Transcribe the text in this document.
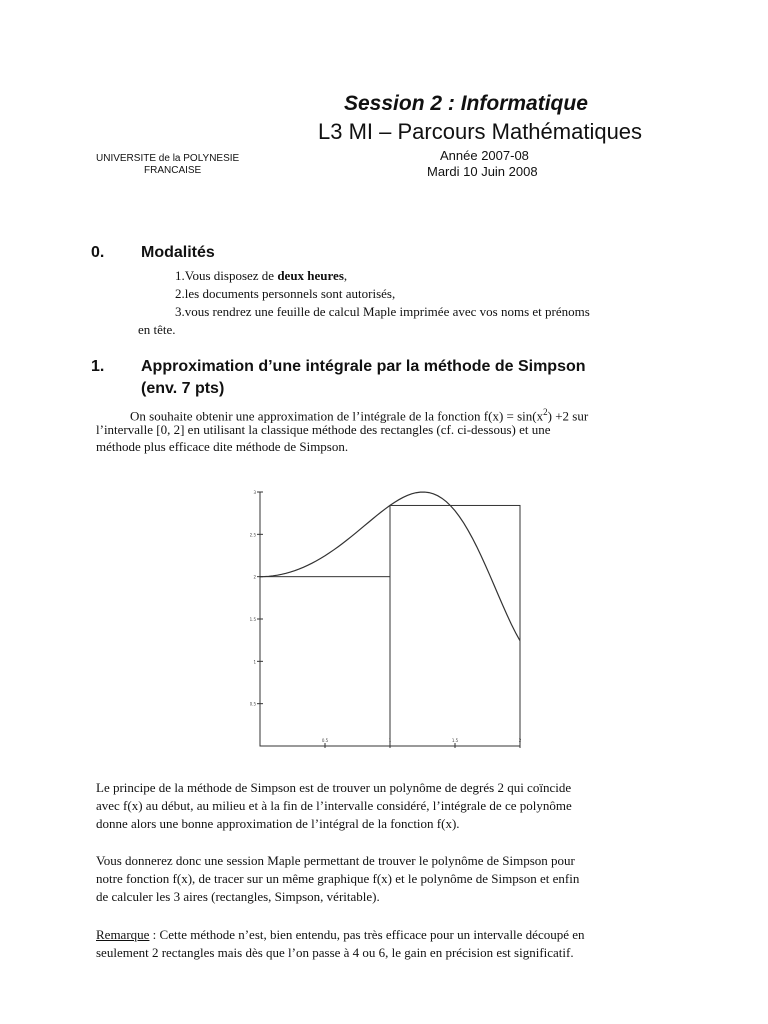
Session 2 : Informatique
L3 MI – Parcours Mathématiques
Année 2007-08
Mardi 10 Juin 2008
UNIVERSITE de la POLYNESIE
FRANCAISE
0. Modalités
1.Vous disposez de deux heures,
2.les documents personnels sont autorisés,
3.vous rendrez une feuille de calcul Maple imprimée avec vos noms et prénoms
en tête.
1. Approximation d’une intégrale par la méthode de Simpson
(env. 7 pts)
On souhaite obtenir une approximation de l’intégrale de la fonction $f(x) = \sin(x^2) +2$ sur
l’intervalle [0, 2] en utilisant la classique méthode des rectangles (cf. ci-dessous) et une
méthode plus efficace dite méthode de Simpson.
0.5
1
1.5
2
2.5
3
0.5	1	1.5	2
Le principe de la méthode de Simpson est de trouver un polynôme de degrés 2 qui coïncide
avec f(x) au début, au milieu et à la fin de l’intervalle considéré, l’intégrale de ce polynôme
donne alors une bonne approximation de l’intégral de la fonction f(x).
Vous donnerez donc une session Maple permettant de trouver le polynôme de Simpson pour
notre fonction f(x), de tracer sur un même graphique f(x) et le polynôme de Simpson et enfin
de calculer les 3 aires (rectangles, Simpson, véritable).
Remarque : Cette méthode n’est, bien entendu, pas très efficace pour un intervalle découpé en
seulement 2 rectangles mais dès que l’on passe à 4 ou 6, le gain en précision est significatif.
